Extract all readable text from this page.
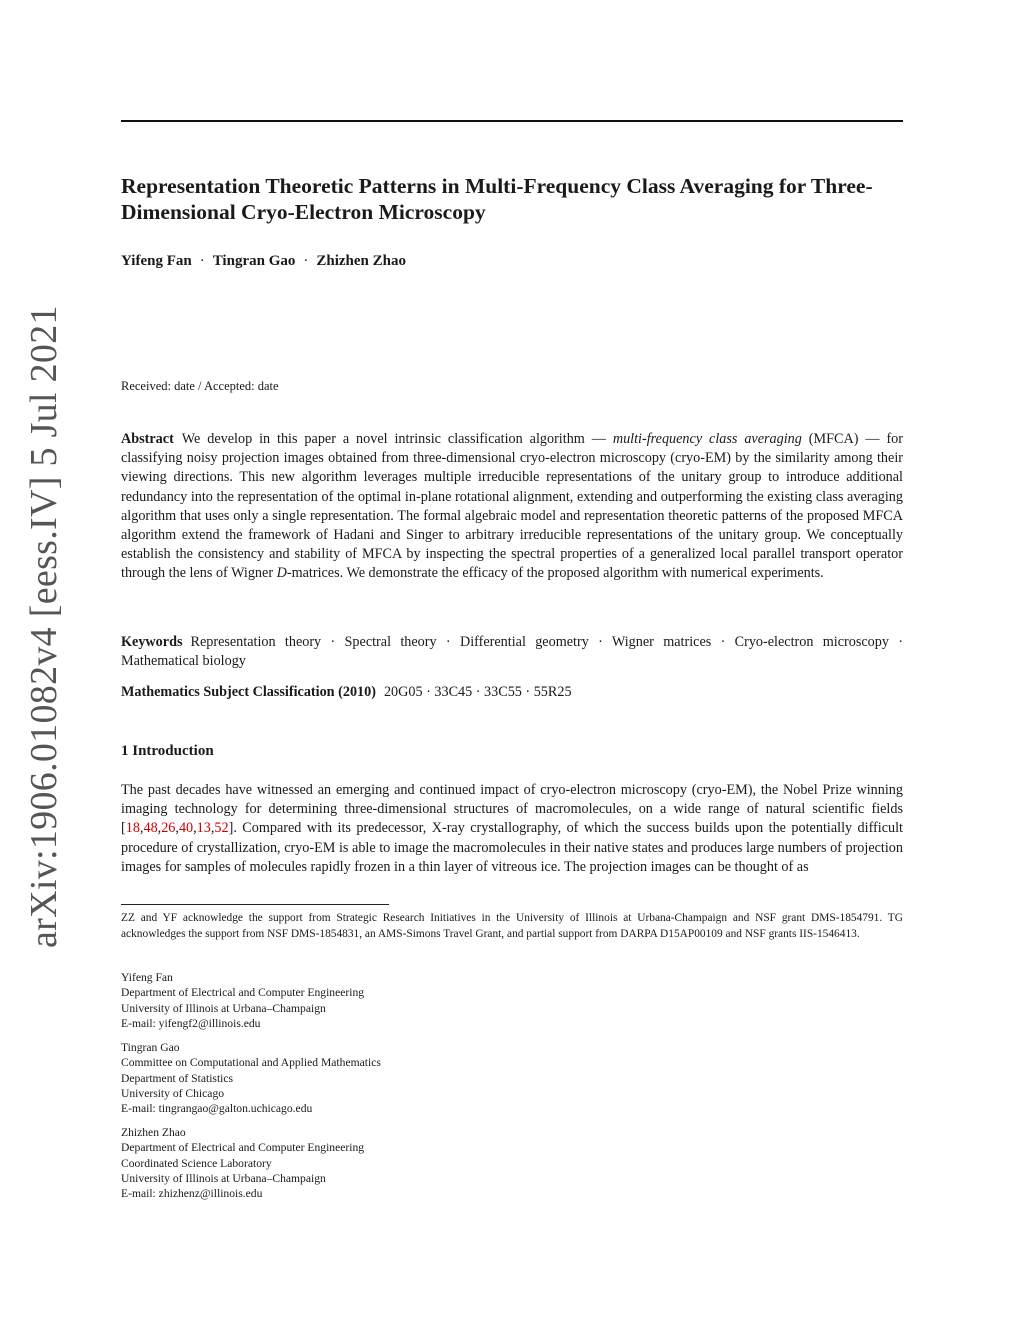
arXiv:1906.01082v4 [eess.IV] 5 Jul 2021
Representation Theoretic Patterns in Multi-Frequency Class Averaging for Three-Dimensional Cryo-Electron Microscopy
Yifeng Fan · Tingran Gao · Zhizhen Zhao
Received: date / Accepted: date

Abstract We develop in this paper a novel intrinsic classification algorithm — multi-frequency class averaging (MFCA) — for classifying noisy projection images obtained from three-dimensional cryo-electron microscopy (cryo-EM) by the similarity among their viewing directions. This new algorithm leverages multiple irreducible representations of the unitary group to introduce additional redundancy into the representation of the optimal in-plane rotational alignment, extending and outperforming the existing class averaging algorithm that uses only a single representation. The formal algebraic model and representation theoretic patterns of the proposed MFCA algorithm extend the framework of Hadani and Singer to arbitrary irreducible representations of the unitary group. We conceptually establish the consistency and stability of MFCA by inspecting the spectral properties of a generalized local parallel transport operator through the lens of Wigner D-matrices. We demonstrate the efficacy of the proposed algorithm with numerical experiments.

Keywords Representation theory · Spectral theory · Differential geometry · Wigner matrices · Cryo-electron microscopy · Mathematical biology

Mathematics Subject Classification (2010) 20G05 · 33C45 · 33C55 · 55R25

1 Introduction

The past decades have witnessed an emerging and continued impact of cryo-electron microscopy (cryo-EM), the Nobel Prize winning imaging technology for determining three-dimensional structures of macromolecules, on a wide range of natural scientific fields [18,48,26,40,13,52]. Compared with its predecessor, X-ray crystallography, of which the success builds upon the potentially difficult procedure of crystallization, cryo-EM is able to image the macromolecules in their native states and produces large numbers of projection images for samples of molecules rapidly frozen in a thin layer of vitreous ice. The projection images can be thought of as

ZZ and YF acknowledge the support from Strategic Research Initiatives in the University of Illinois at Urbana-Champaign and NSF grant DMS-1854791. TG acknowledges the support from NSF DMS-1854831, an AMS-Simons Travel Grant, and partial support from DARPA D15AP00109 and NSF grants IIS-1546413.

Yifeng Fan
Department of Electrical and Computer Engineering
University of Illinois at Urbana–Champaign
E-mail: yifengf2@illinois.edu
Tingran Gao
Committee on Computational and Applied Mathematics
Department of Statistics
University of Chicago
E-mail: tingrangao@galton.uchicago.edu
Zhizhen Zhao
Department of Electrical and Computer Engineering
Coordinated Science Laboratory
University of Illinois at Urbana–Champaign
E-mail: zhizhenz@illinois.edu
